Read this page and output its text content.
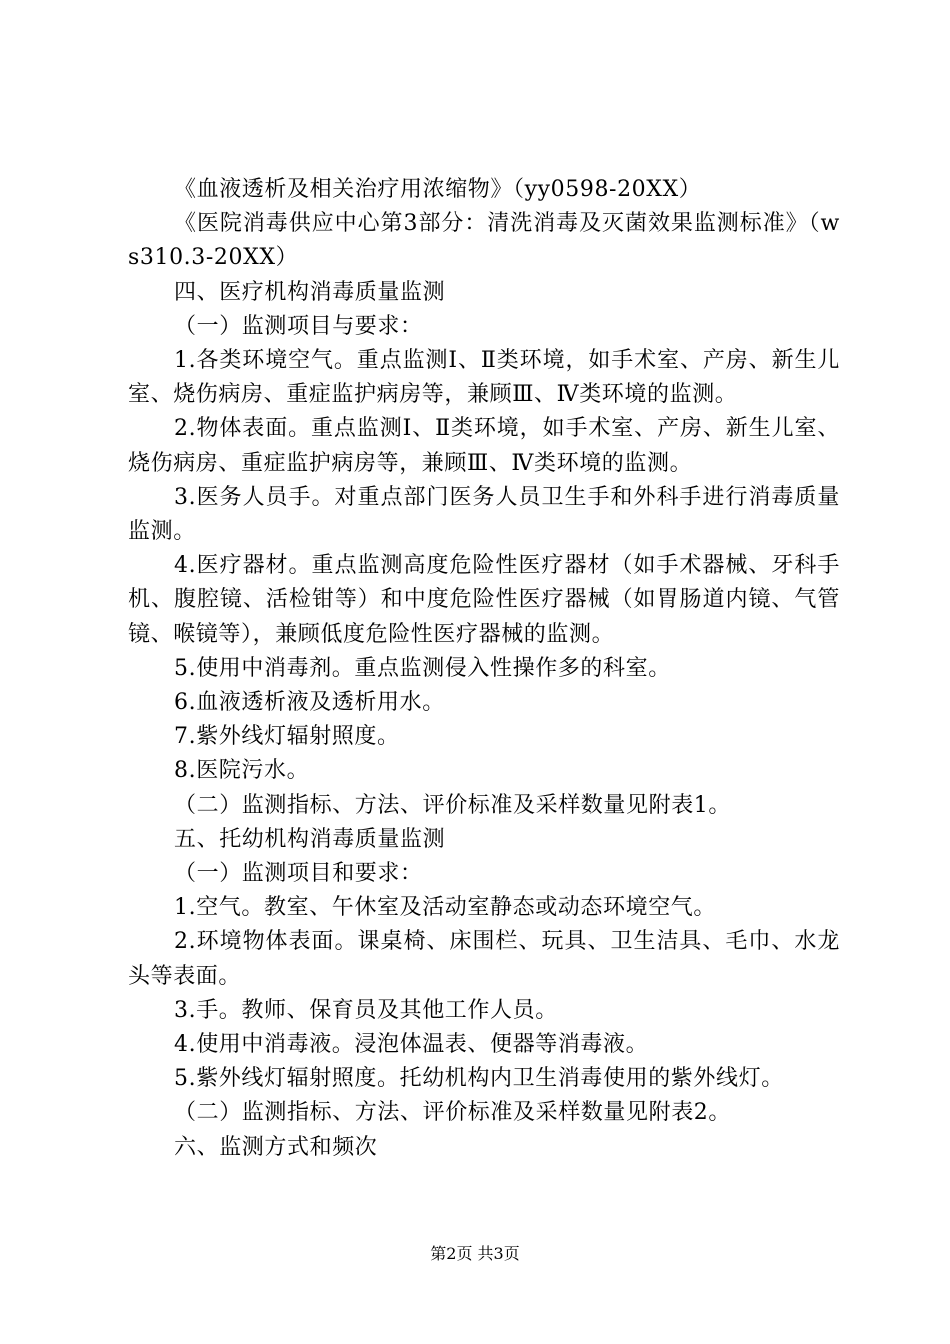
《血液透析及相关治疗用浓缩物》（yy0598-20XX）

《医院消毒供应中心第3部分：清洗消毒及灭菌效果监测标准》（ws310.3-20XX）

四、医疗机构消毒质量监测

（一）监测项目与要求：

1.各类环境空气。重点监测Ⅰ、Ⅱ类环境，如手术室、产房、新生儿室、烧伤病房、重症监护病房等，兼顾Ⅲ、Ⅳ类环境的监测。

2.物体表面。重点监测Ⅰ、Ⅱ类环境，如手术室、产房、新生儿室、烧伤病房、重症监护病房等，兼顾Ⅲ、Ⅳ类环境的监测。

3.医务人员手。对重点部门医务人员卫生手和外科手进行消毒质量监测。

4.医疗器材。重点监测高度危险性医疗器材（如手术器械、牙科手机、腹腔镜、活检钳等）和中度危险性医疗器械（如胃肠道内镜、气管镜、喉镜等），兼顾低度危险性医疗器械的监测。

5.使用中消毒剂。重点监测侵入性操作多的科室。

6.血液透析液及透析用水。

7.紫外线灯辐射照度。

8.医院污水。

（二）监测指标、方法、评价标准及采样数量见附表1。

五、托幼机构消毒质量监测

（一）监测项目和要求：

1.空气。教室、午休室及活动室静态或动态环境空气。

2.环境物体表面。课桌椅、床围栏、玩具、卫生洁具、毛巾、水龙头等表面。

3.手。教师、保育员及其他工作人员。

4.使用中消毒液。浸泡体温表、便器等消毒液。

5.紫外线灯辐射照度。托幼机构内卫生消毒使用的紫外线灯。

（二）监测指标、方法、评价标准及采样数量见附表2。

六、监测方式和频次

第2页 共3页
